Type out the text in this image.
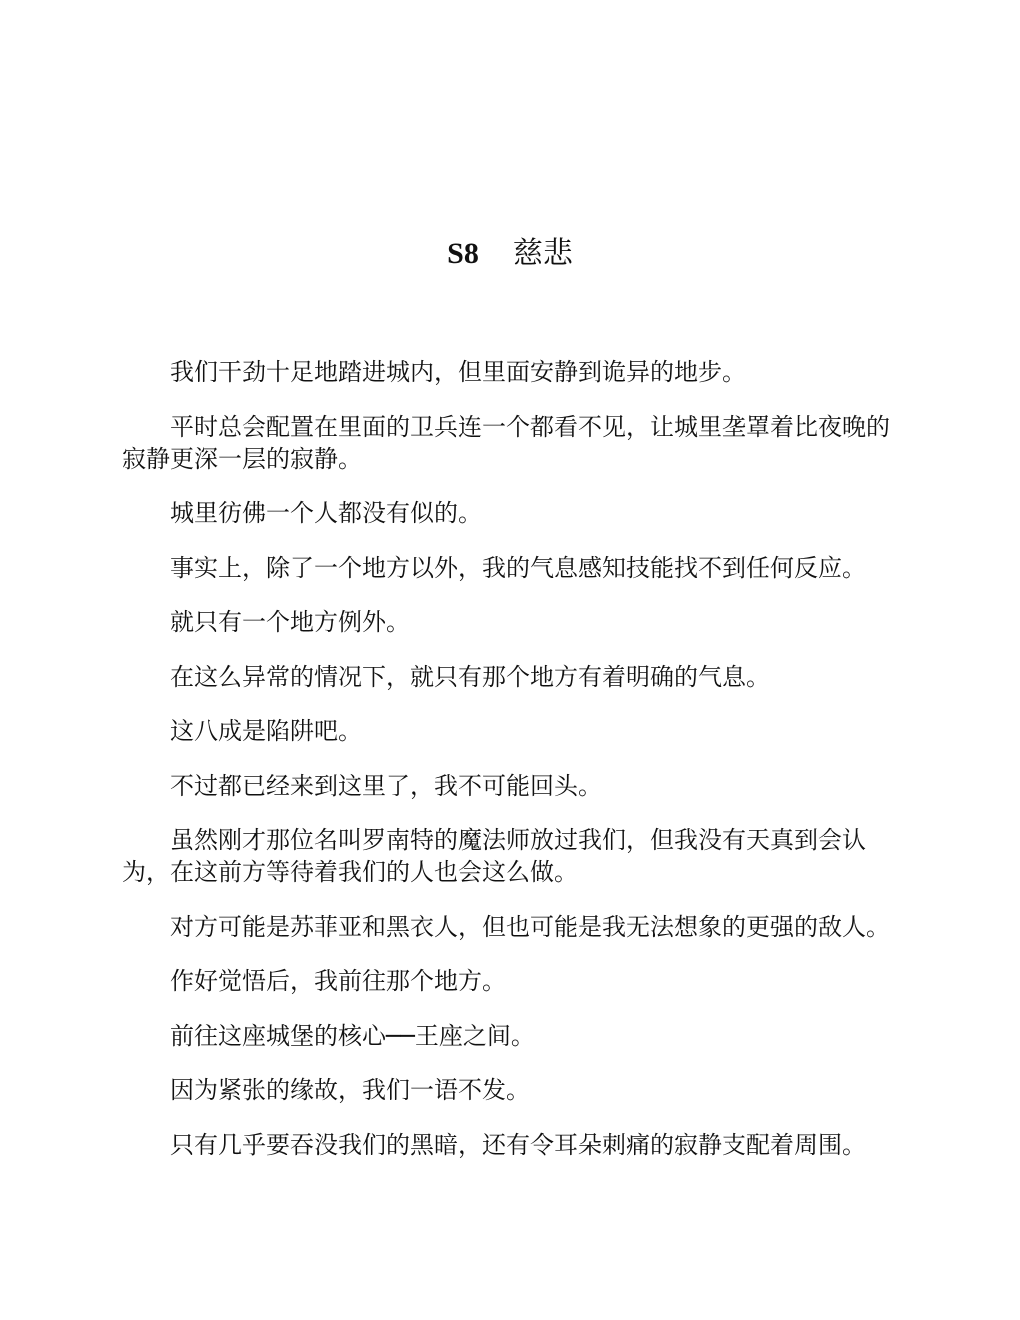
S8 慈悲

我们干劲十足地踏进城内，但里面安静到诡异的地步。

平时总会配置在里面的卫兵连一个都看不见，让城里垄罩着比夜晚的寂静更深一层的寂静。

城里彷佛一个人都没有似的。

事实上，除了一个地方以外，我的气息感知技能找不到任何反应。

就只有一个地方例外。

在这么异常的情况下，就只有那个地方有着明确的气息。

这八成是陷阱吧。

不过都已经来到这里了，我不可能回头。

虽然刚才那位名叫罗南特的魔法师放过我们，但我没有天真到会认为，在这前方等待着我们的人也会这么做。

对方可能是苏菲亚和黑衣人，但也可能是我无法想象的更强的敌人。

作好觉悟后，我前往那个地方。

前往这座城堡的核心──王座之间。

因为紧张的缘故，我们一语不发。

只有几乎要吞没我们的黑暗，还有令耳朵刺痛的寂静支配着周围。
